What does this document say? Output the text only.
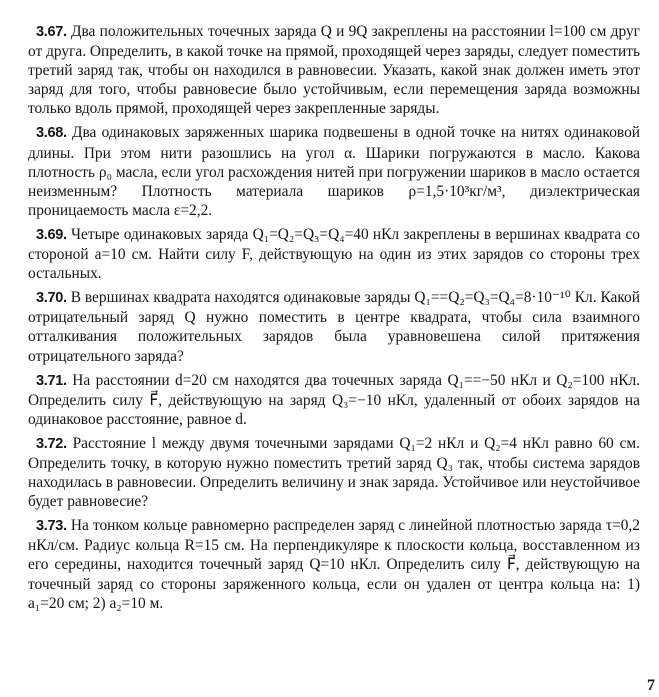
3.67. Два положительных точечных заряда Q и 9Q закреплены на расстоянии l=100 см друг от друга. Определить, в какой точке на прямой, проходящей через заряды, следует поместить третий заряд так, чтобы он находился в равновесии. Указать, какой знак должен иметь этот заряд для того, чтобы равновесие было устойчивым, если перемещения заряда возможны только вдоль прямой, проходящей через закрепленные заряды.

3.68. Два одинаковых заряженных шарика подвешены в одной точке на нитях одинаковой длины. При этом нити разошлись на угол α. Шарики погружаются в масло. Какова плотность ρ₀ масла, если угол расхождения нитей при погружении шариков в масло остается неизменным? Плотность материала шариков ρ=1,5·10³кг/м³, диэлектрическая проницаемость масла ε=2,2.

3.69. Четыре одинаковых заряда Q₁=Q₂=Q₃=Q₄=40 нКл закреплены в вершинах квадрата со стороной a=10 см. Найти силу F, действующую на один из этих зарядов со стороны трех остальных.

3.70. В вершинах квадрата находятся одинаковые заряды Q₁==Q₂=Q₃=Q₄=8·10⁻¹⁰ Кл. Какой отрицательный заряд Q нужно поместить в центре квадрата, чтобы сила взаимного отталкивания положительных зарядов была уравновешена силой притяжения отрицательного заряда?

3.71. На расстоянии d=20 см находятся два точечных заряда Q₁==−50 нКл и Q₂=100 нКл. Определить силу F⃗, действующую на заряд Q₃=−10 нКл, удаленный от обоих зарядов на одинаковое расстояние, равное d.

3.72. Расстояние l между двумя точечными зарядами Q₁=2 нКл и Q₂=4 нКл равно 60 см. Определить точку, в которую нужно поместить третий заряд Q₃ так, чтобы система зарядов находилась в равновесии. Определить величину и знак заряда. Устойчивое или неустойчивое будет равновесие?

3.73. На тонком кольце равномерно распределен заряд с линейной плотностью заряда τ=0,2 нКл/см. Радиус кольца R=15 см. На перпендикуляре к плоскости кольца, восставленном из его середины, находится точечный заряд Q=10 нКл. Определить силу F⃗, действующую на точечный заряд со стороны заряженного кольца, если он удален от центра кольца на: 1) a₁=20 см; 2) a₂=10 м.

7
